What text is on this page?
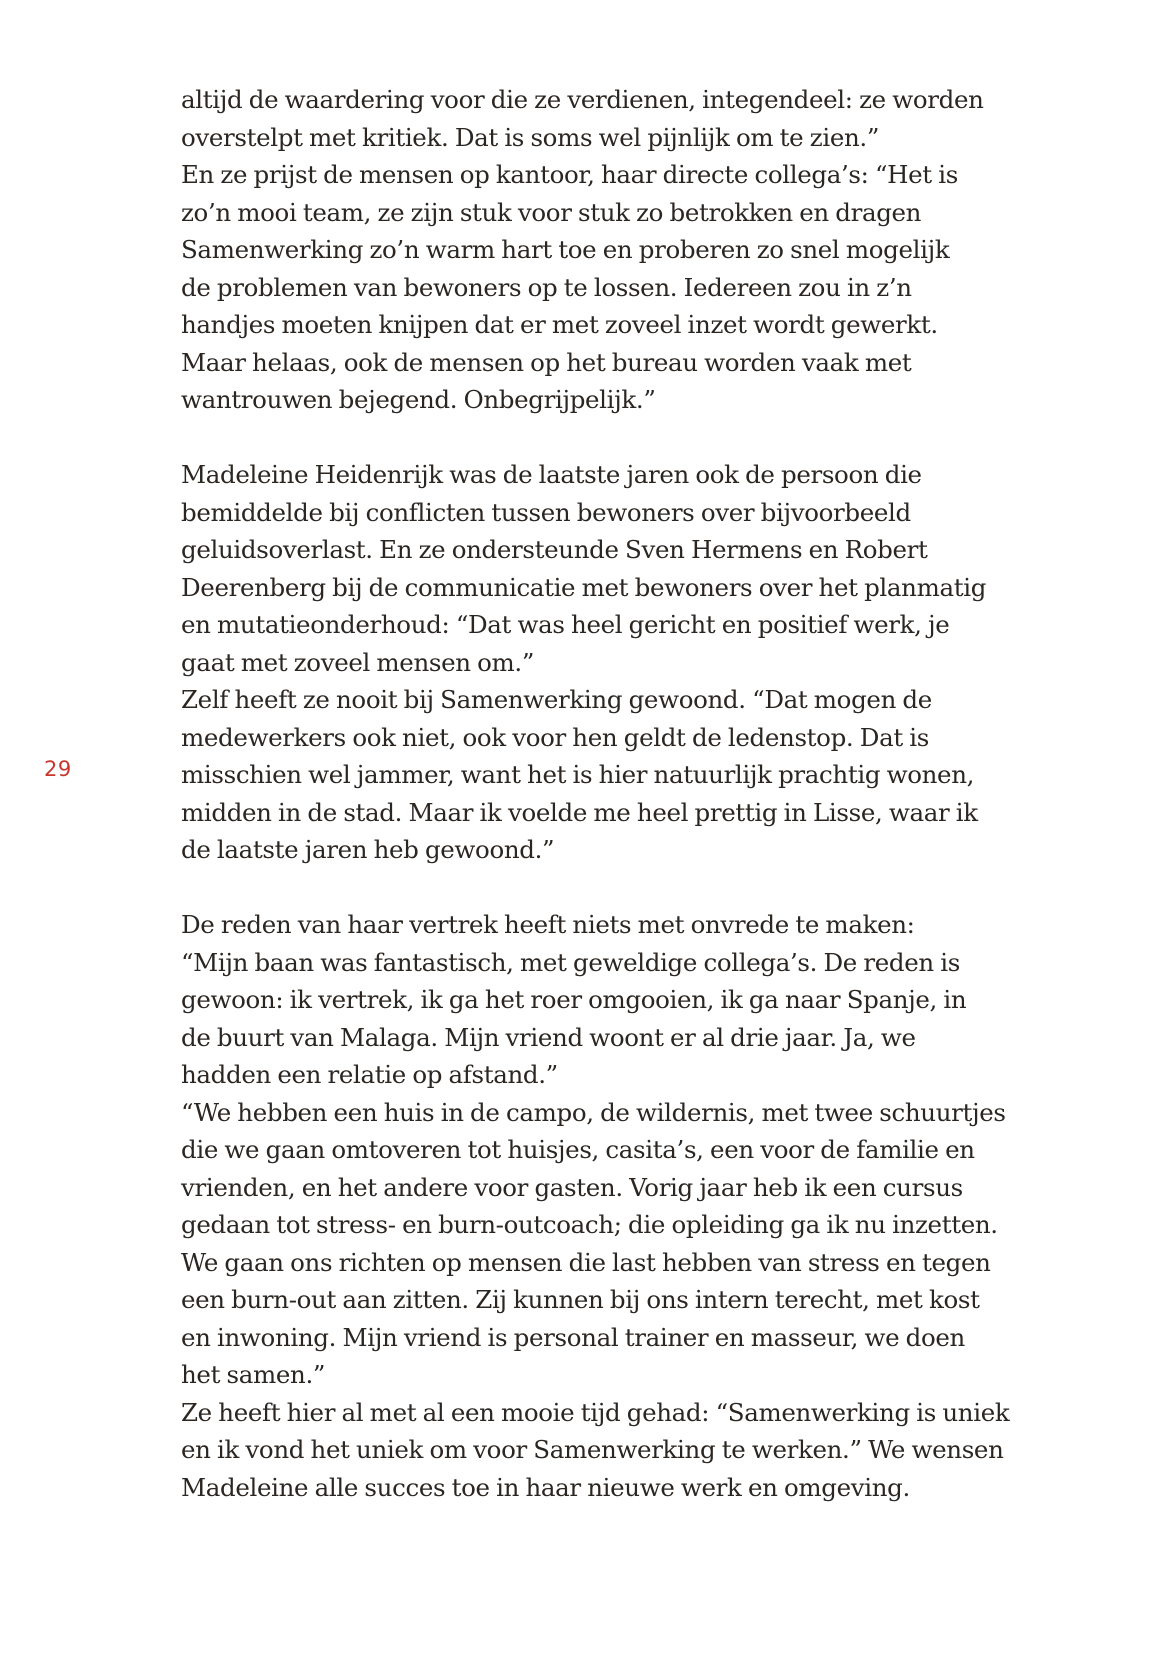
29
altijd de waardering voor die ze verdienen, integendeel: ze worden
overstelpt met kritiek. Dat is soms wel pijnlijk om te zien.”
En ze prijst de mensen op kantoor, haar directe collega’s: “Het is
zo’n mooi team, ze zijn stuk voor stuk zo betrokken en dragen
Samenwerking zo’n warm hart toe en proberen zo snel mogelijk
de problemen van bewoners op te lossen. Iedereen zou in z’n
handjes moeten knijpen dat er met zoveel inzet wordt gewerkt.
Maar helaas, ook de mensen op het bureau worden vaak met
wantrouwen bejegend. Onbegrijpelijk.”
Madeleine Heidenrijk was de laatste jaren ook de persoon die
bemiddelde bij conflicten tussen bewoners over bijvoorbeeld
geluidsoverlast. En ze ondersteunde Sven Hermens en Robert
Deerenberg bij de communicatie met bewoners over het planmatig
en mutatieonderhoud: “Dat was heel gericht en positief werk, je
gaat met zoveel mensen om.”
Zelf heeft ze nooit bij Samenwerking gewoond. “Dat mogen de
medewerkers ook niet, ook voor hen geldt de ledenstop. Dat is
misschien wel jammer, want het is hier natuurlijk prachtig wonen,
midden in de stad. Maar ik voelde me heel prettig in Lisse, waar ik
de laatste jaren heb gewoond.”
De reden van haar vertrek heeft niets met onvrede te maken:
“Mijn baan was fantastisch, met geweldige collega’s. De reden is
gewoon: ik vertrek, ik ga het roer omgooien, ik ga naar Spanje, in
de buurt van Malaga. Mijn vriend woont er al drie jaar. Ja, we
hadden een relatie op afstand.”
“We hebben een huis in de campo, de wildernis, met twee schuurtjes
die we gaan omtoveren tot huisjes, casita’s, een voor de familie en
vrienden, en het andere voor gasten. Vorig jaar heb ik een cursus
gedaan tot stress- en burn-outcoach; die opleiding ga ik nu inzetten.
We gaan ons richten op mensen die last hebben van stress en tegen
een burn-out aan zitten. Zij kunnen bij ons intern terecht, met kost
en inwoning. Mijn vriend is personal trainer en masseur, we doen
het samen.”
Ze heeft hier al met al een mooie tijd gehad: “Samenwerking is uniek
en ik vond het uniek om voor Samenwerking te werken.” We wensen
Madeleine alle succes toe in haar nieuwe werk en omgeving.
